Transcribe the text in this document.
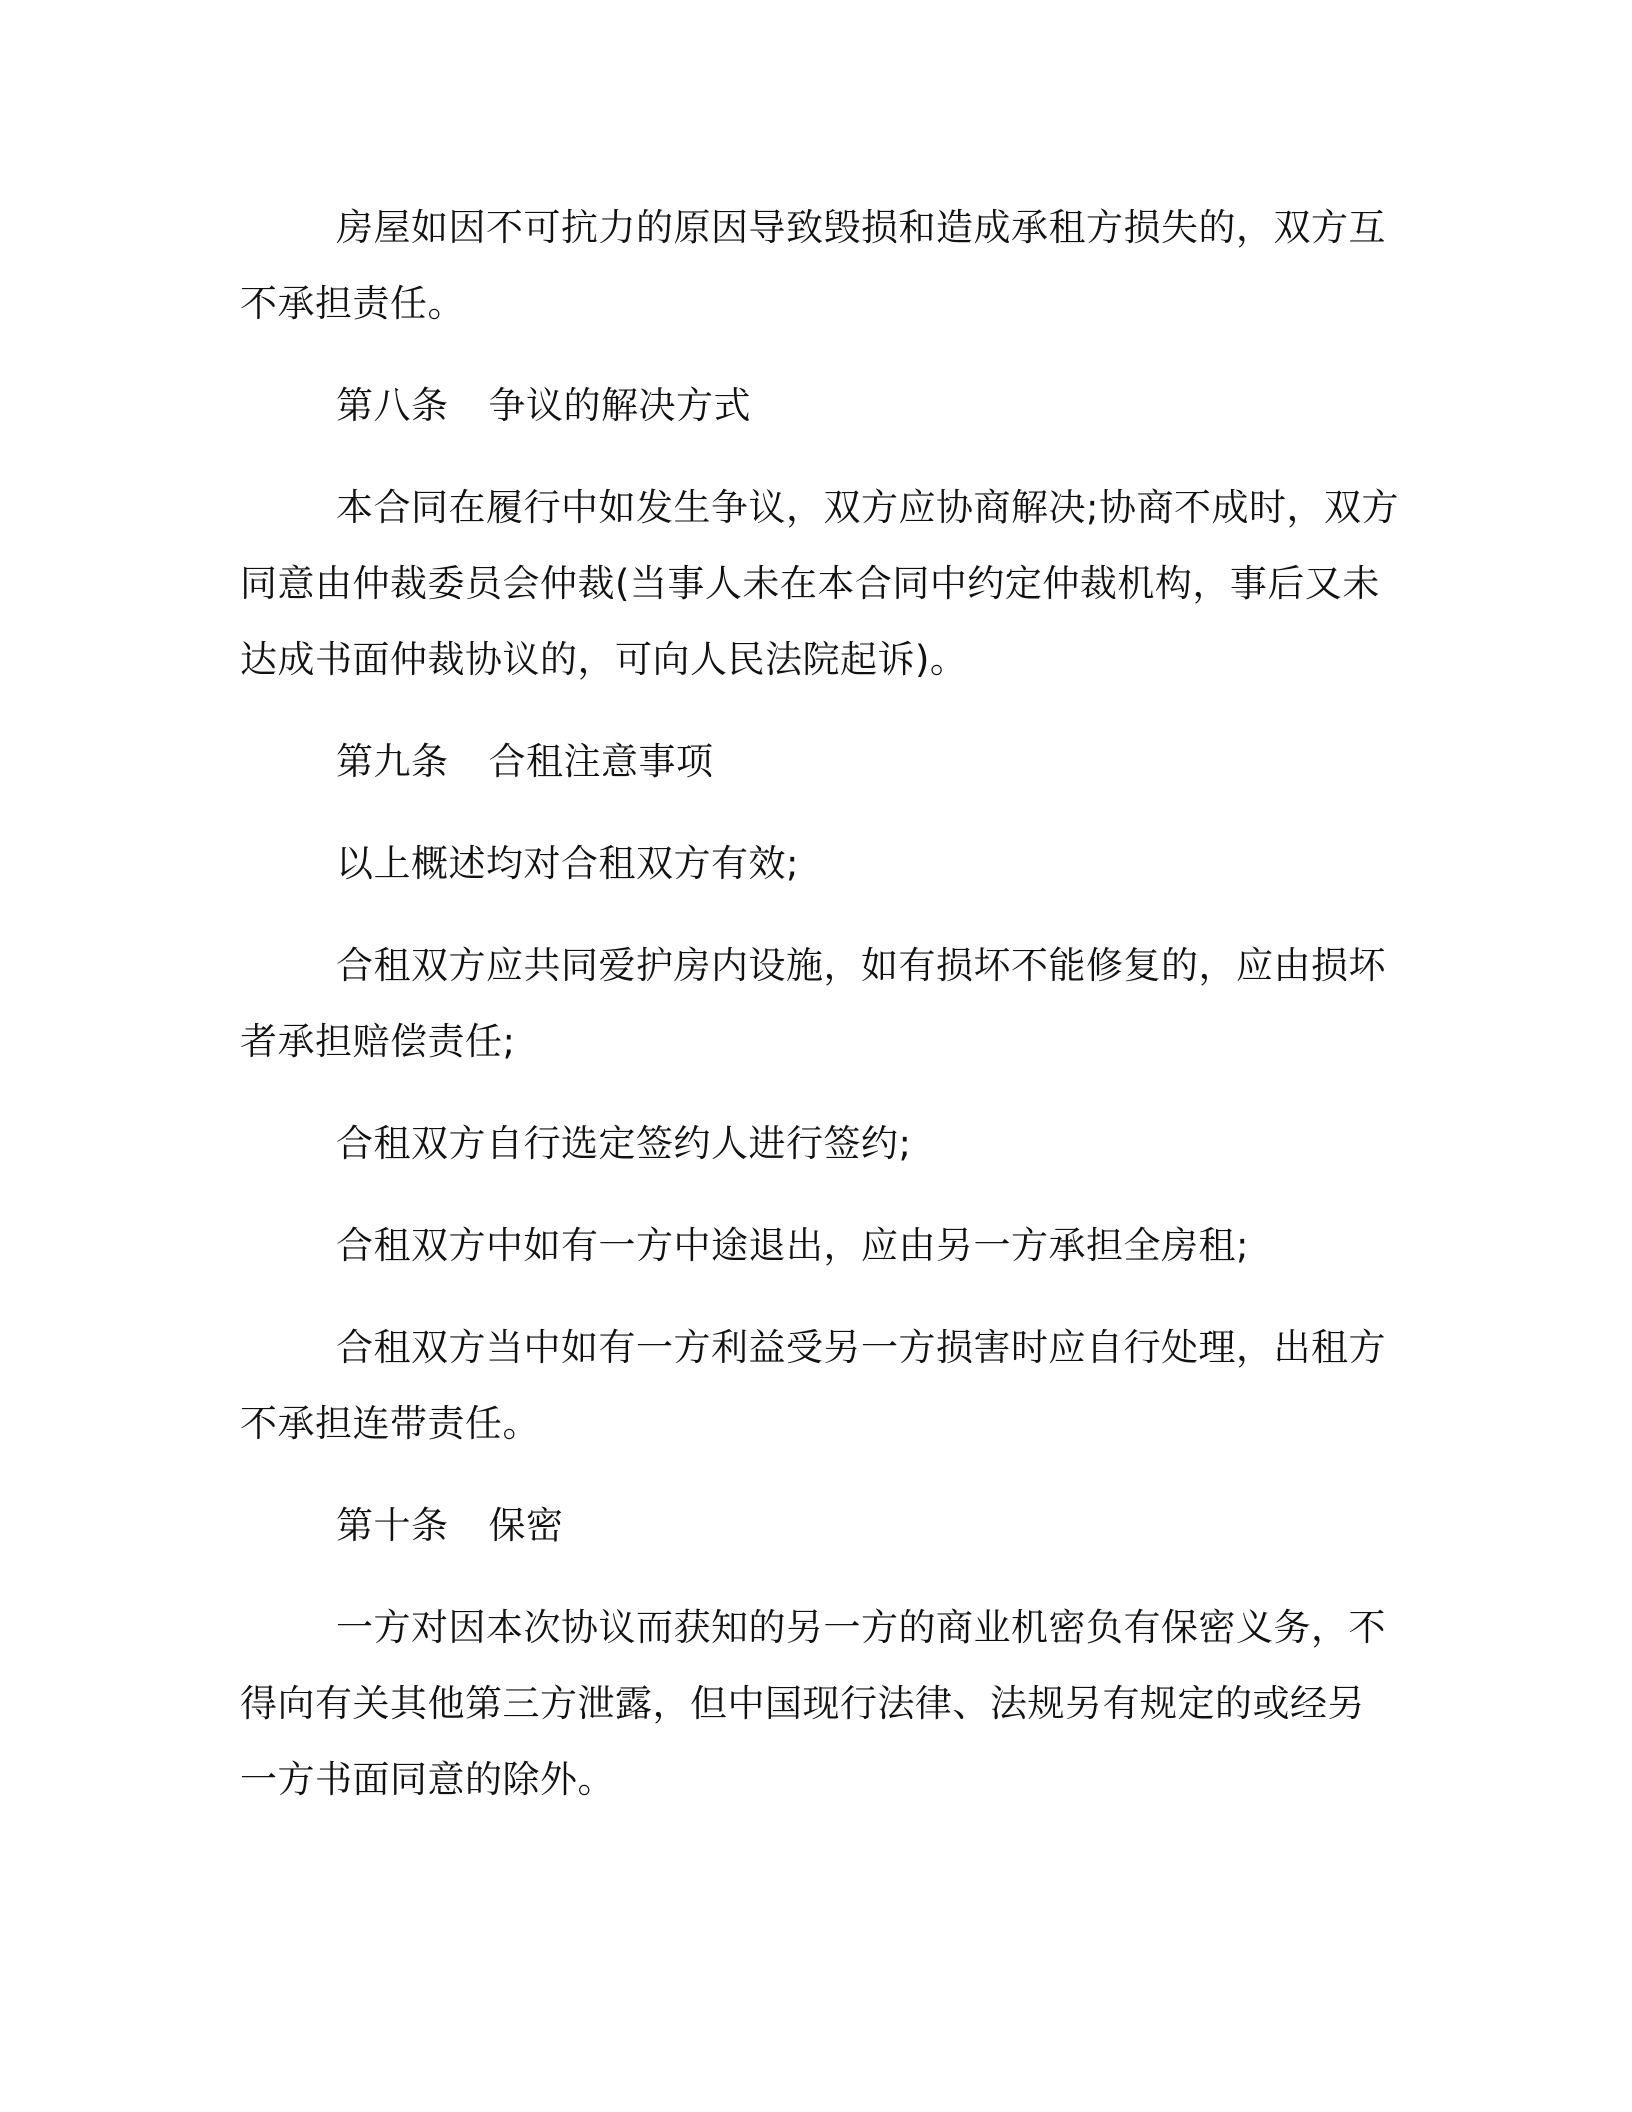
房屋如因不可抗力的原因导致毁损和造成承租方损失的，双方互不承担责任。

第八条 争议的解决方式

本合同在履行中如发生争议，双方应协商解决;协商不成时，双方同意由仲裁委员会仲裁(当事人未在本合同中约定仲裁机构，事后又未达成书面仲裁协议的，可向人民法院起诉)。

第九条 合租注意事项

以上概述均对合租双方有效;

合租双方应共同爱护房内设施，如有损坏不能修复的，应由损坏者承担赔偿责任;

合租双方自行选定签约人进行签约;

合租双方中如有一方中途退出，应由另一方承担全房租;

合租双方当中如有一方利益受另一方损害时应自行处理，出租方不承担连带责任。

第十条 保密

一方对因本次协议而获知的另一方的商业机密负有保密义务，不得向有关其他第三方泄露，但中国现行法律、法规另有规定的或经另一方书面同意的除外。
